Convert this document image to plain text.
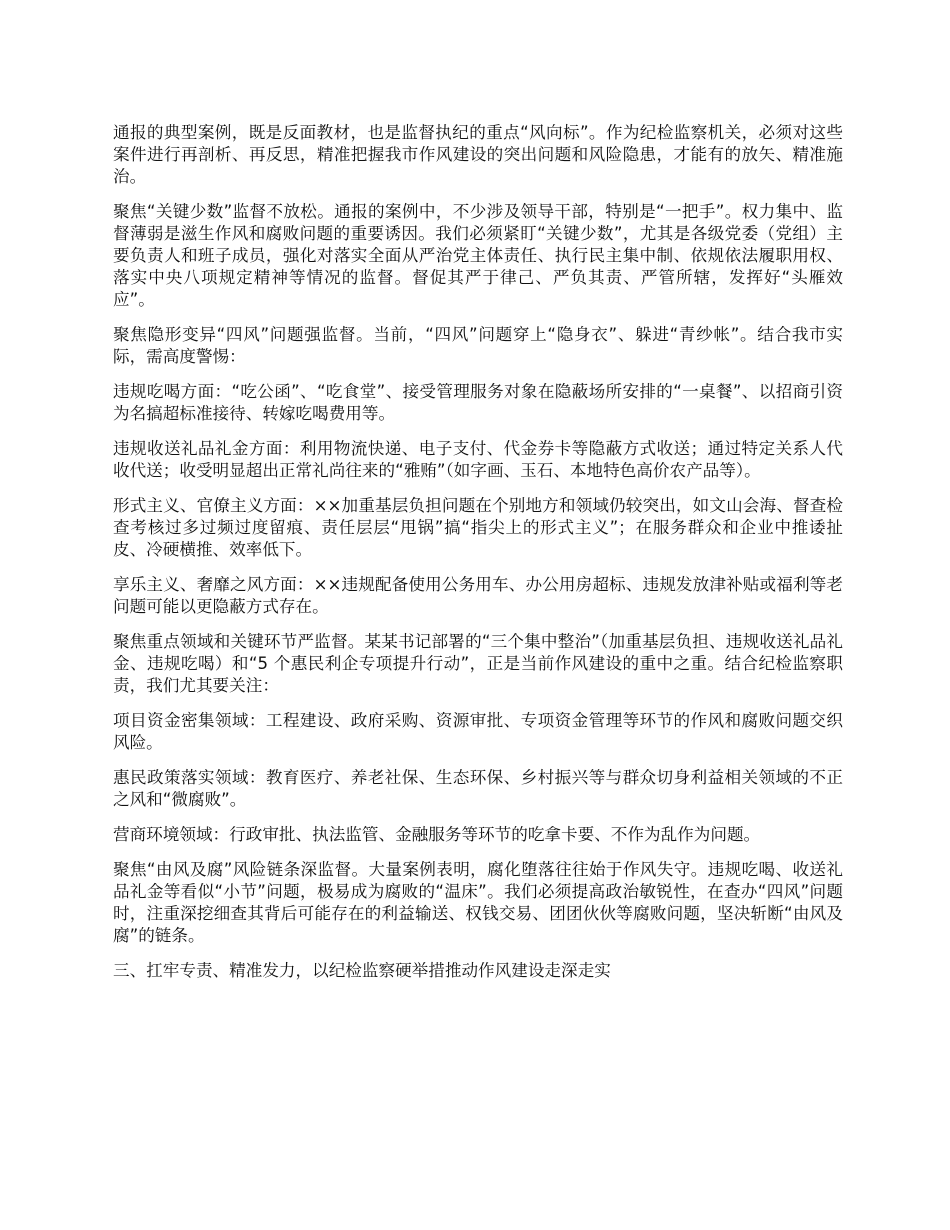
通报的典型案例，既是反面教材，也是监督执纪的重点“风向标”。作为纪检监察机关，必须对这些案件进行再剖析、再反思，精准把握我市作风建设的突出问题和风险隐患，才能有的放矢、精准施治。

聚焦“关键少数”监督不放松。通报的案例中，不少涉及领导干部，特别是“一把手”。权力集中、监督薄弱是滋生作风和腐败问题的重要诱因。我们必须紧盯“关键少数”，尤其是各级党委（党组）主要负责人和班子成员，强化对落实全面从严治党主体责任、执行民主集中制、依规依法履职用权、落实中央八项规定精神等情况的监督。督促其严于律己、严负其责、严管所辖，发挥好“头雁效应”。

聚焦隐形变异“四风”问题强监督。当前，“四风”问题穿上“隐身衣”、躲进“青纱帐”。结合我市实际，需高度警惕：

违规吃喝方面：“吃公函”、“吃食堂”、接受管理服务对象在隐蔽场所安排的“一桌餐”、以招商引资为名搞超标准接待、转嫁吃喝费用等。

违规收送礼品礼金方面：利用物流快递、电子支付、代金券卡等隐蔽方式收送；通过特定关系人代收代送；收受明显超出正常礼尚往来的“雅贿”（如字画、玉石、本地特色高价农产品等）。

形式主义、官僚主义方面：××加重基层负担问题在个别地方和领域仍较突出，如文山会海、督查检查考核过多过频过度留痕、责任层层“甩锅”搞“指尖上的形式主义”；在服务群众和企业中推诿扯皮、冷硬横推、效率低下。

享乐主义、奢靡之风方面：××违规配备使用公务用车、办公用房超标、违规发放津补贴或福利等老问题可能以更隐蔽方式存在。

聚焦重点领域和关键环节严监督。某某书记部署的“三个集中整治”（加重基层负担、违规收送礼品礼金、违规吃喝）和“5 个惠民利企专项提升行动”，正是当前作风建设的重中之重。结合纪检监察职责，我们尤其要关注：

项目资金密集领域：工程建设、政府采购、资源审批、专项资金管理等环节的作风和腐败问题交织风险。

惠民政策落实领域：教育医疗、养老社保、生态环保、乡村振兴等与群众切身利益相关领域的不正之风和“微腐败”。

营商环境领域：行政审批、执法监管、金融服务等环节的吃拿卡要、不作为乱作为问题。

聚焦“由风及腐”风险链条深监督。大量案例表明，腐化堕落往往始于作风失守。违规吃喝、收送礼品礼金等看似“小节”问题，极易成为腐败的“温床”。我们必须提高政治敏锐性，在查办“四风”问题时，注重深挖细查其背后可能存在的利益输送、权钱交易、团团伙伙等腐败问题，坚决斩断“由风及腐”的链条。

三、扛牢专责、精准发力，以纪检监察硬举措推动作风建设走深走实
